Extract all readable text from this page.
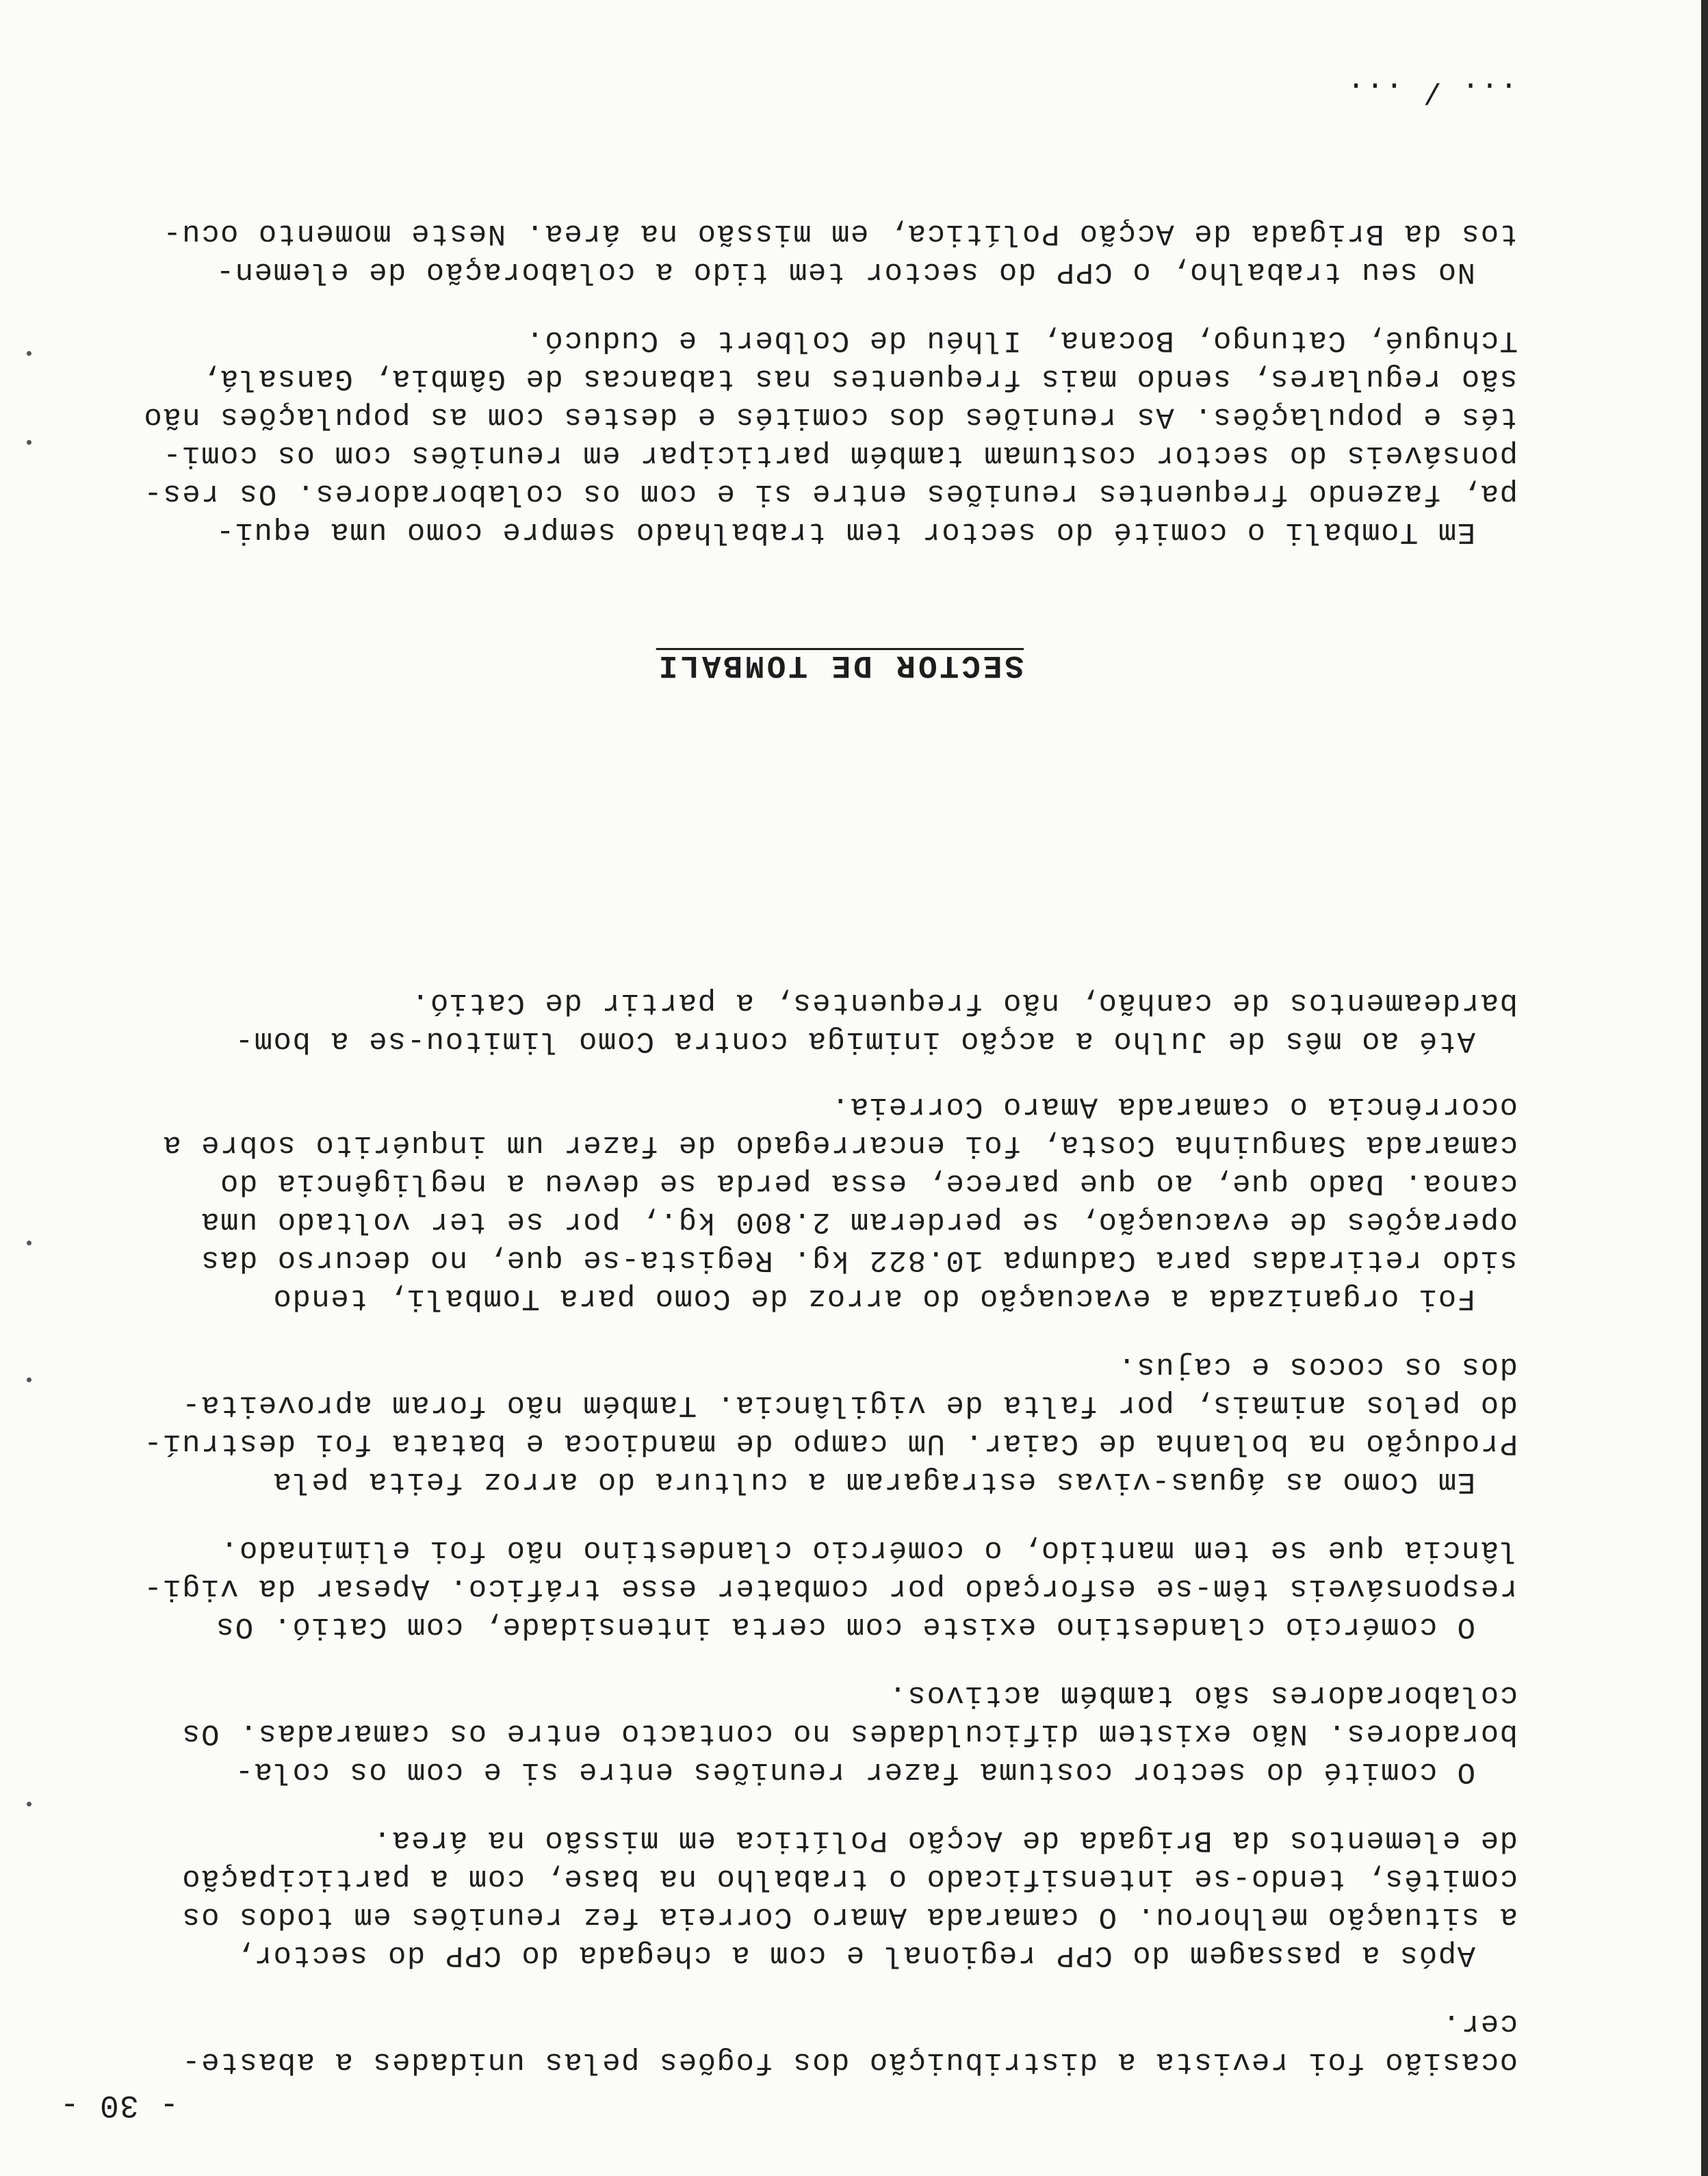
- 30 -

ocasião foi revista a distribuição dos fogões pelas unidades a abaste-

cer.

Após a passagem do CPP regional e com a chegada do CPP do sector,

a situação melhorou. O camarada Amaro Correia fez reuniões em todos os

comitês, tendo-se intensificado o trabalho na base, com a participação

de elementos da Brigada de Acção Política em missão na área.

O comité do sector costuma fazer reuniões entre si e com os cola-

boradores. Não existem dificuldades no contacto entre os camaradas. Os

colaboradores são também activos.

O comércio clandestino existe com certa intensidade, com Catió. Os

responsáveis têm-se esforçado por combater esse tráfico. Apesar da vigi-

lância que se tem mantido, o comércio clandestino não foi eliminado.

Em Como as águas-vivas estragaram a cultura do arroz feita pela

Produção na bolanha de Caiar. Um campo de mandioca e batata foi destruí-

do pelos animais, por falta de vigilância. Também não foram aproveita-

dos os cocos e cajus.

Foi organizada a evacuação do arroz de Como para Tombali, tendo

sido retiradas para Cadumpa 10.822 kg. Regista-se que, no decurso das

operações de evacuação, se perderam 2.800 kg., por se ter voltado uma

canoa. Dado que, ao que parece, essa perda se deveu a negligência do

camarada Sanguinha Costa, foi encarregado de fazer um inquérito sobre a

ocorrência o camarada Amaro Correia.

Até ao mês de Julho a acção inimiga contra Como limitou-se a bom-

bardeamentos de canhão, não frequentes, a partir de Catió.

SECTOR DE TOMBALI

Em Tombali o comité do sector tem trabalhado sempre como uma equi-

pa, fazendo frequentes reuniões entre si e com os colaboradores. Os res-

ponsáveis do sector costumam também participar em reuniões com os comi-

tés e populações. As reuniões dos comités e destes com as populações não

são regulares, sendo mais frequentes nas tabancas de Gâmbia, Gansalá,

Tchugué, Catungo, Bocana, Ilhéu de Colbert e Cuducó.

No seu trabalho, o CPP do sector tem tido a colaboração de elemen-

tos da Brigada de Acção Política, em missão na área. Neste momento ocu-

... / ...
